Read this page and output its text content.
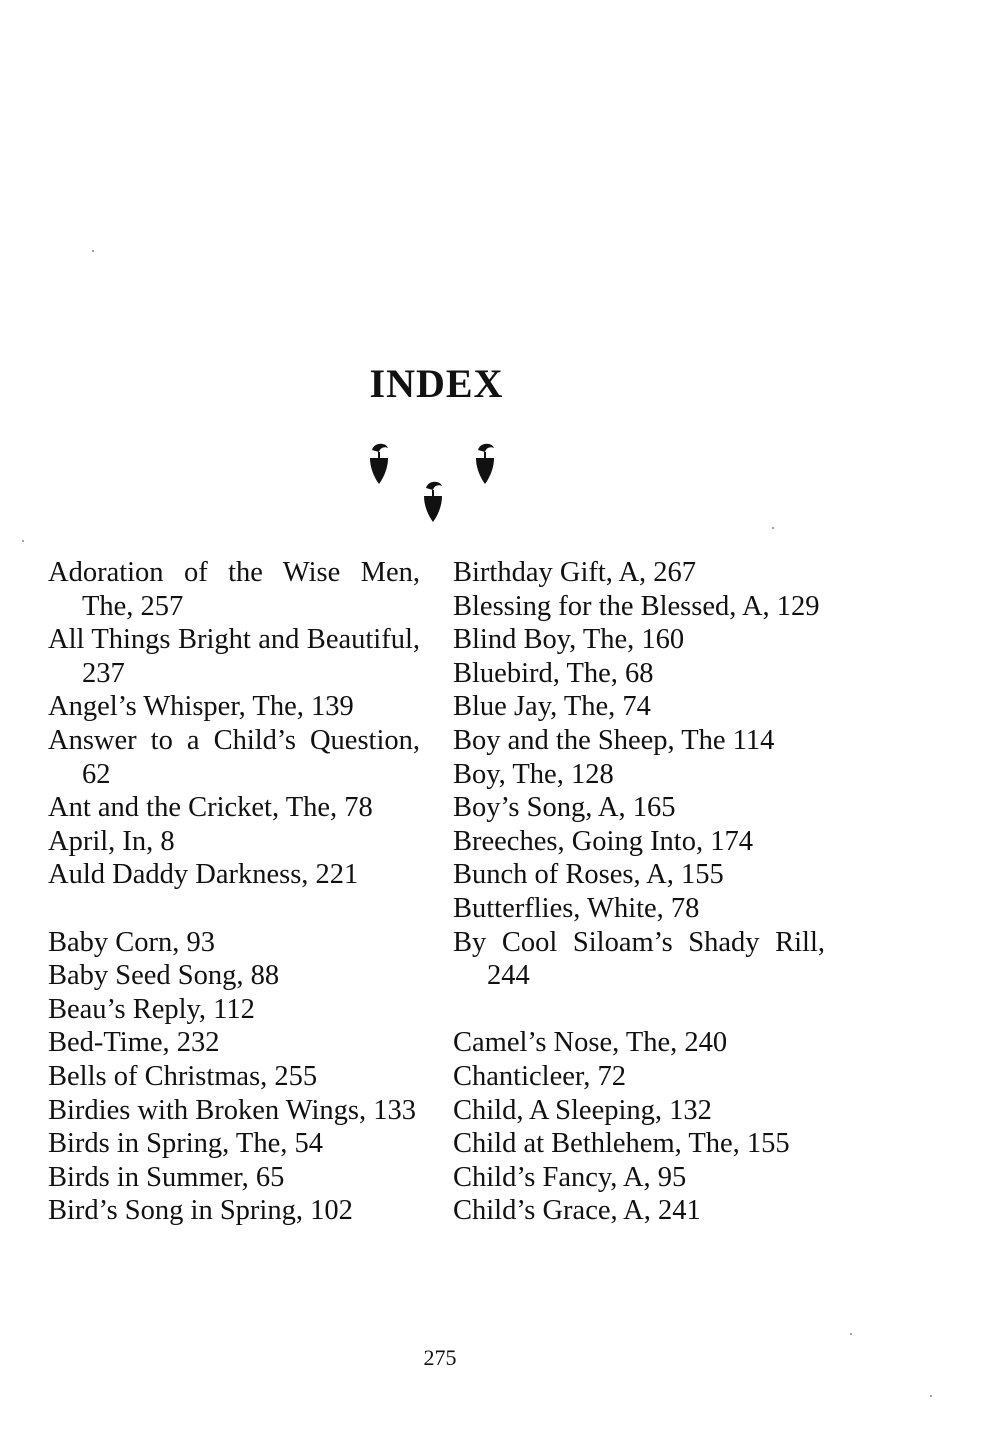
INDEX

Adoration of the Wise Men, The, 257

All Things Bright and Beautiful, 237

Angel’s Whisper, The, 139

Answer to a Child’s Question, 62

Ant and the Cricket, The, 78

April, In, 8

Auld Daddy Darkness, 221

Baby Corn, 93

Baby Seed Song, 88

Beau’s Reply, 112

Bed-Time, 232

Bells of Christmas, 255

Birdies with Broken Wings, 133

Birds in Spring, The, 54

Birds in Summer, 65

Bird’s Song in Spring, 102

Birthday Gift, A, 267

Blessing for the Blessed, A, 129

Blind Boy, The, 160

Bluebird, The, 68

Blue Jay, The, 74

Boy and the Sheep, The 114

Boy, The, 128

Boy’s Song, A, 165

Breeches, Going Into, 174

Bunch of Roses, A, 155

Butterflies, White, 78

By Cool Siloam’s Shady Rill, 244

Camel’s Nose, The, 240

Chanticleer, 72

Child, A Sleeping, 132

Child at Bethlehem, The, 155

Child’s Fancy, A, 95

Child’s Grace, A, 241

275
